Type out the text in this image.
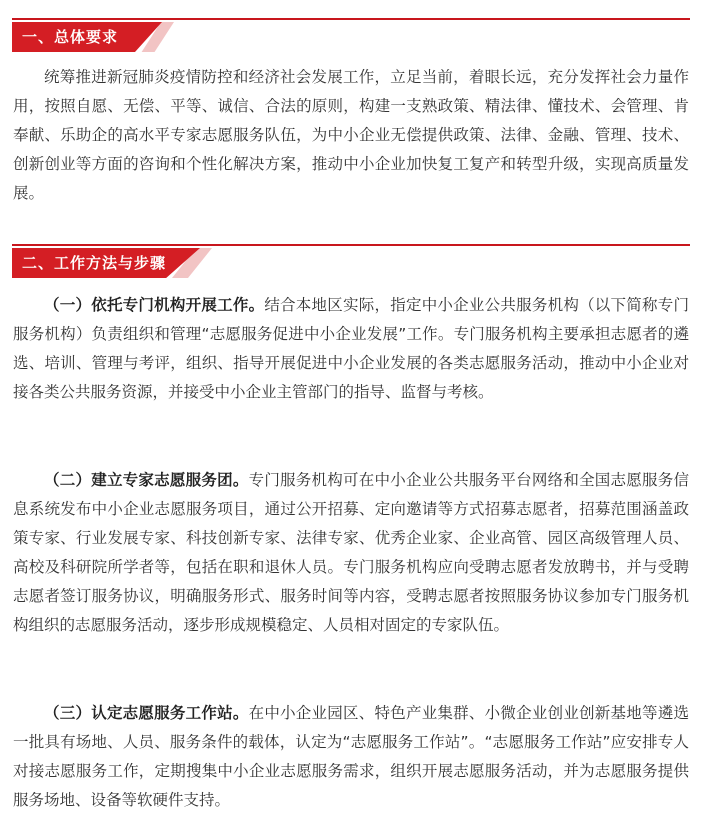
一、总体要求

统筹推进新冠肺炎疫情防控和经济社会发展工作，立足当前，着眼长远，充分发挥社会力量作用，按照自愿、无偿、平等、诚信、合法的原则，构建一支熟政策、精法律、懂技术、会管理、肯奉献、乐助企的高水平专家志愿服务队伍，为中小企业无偿提供政策、法律、金融、管理、技术、创新创业等方面的咨询和个性化解决方案，推动中小企业加快复工复产和转型升级，实现高质量发展。

二、工作方法与步骤

（一）依托专门机构开展工作。结合本地区实际，指定中小企业公共服务机构（以下简称专门服务机构）负责组织和管理“志愿服务促进中小企业发展”工作。专门服务机构主要承担志愿者的遴选、培训、管理与考评，组织、指导开展促进中小企业发展的各类志愿服务活动，推动中小企业对接各类公共服务资源，并接受中小企业主管部门的指导、监督与考核。

（二）建立专家志愿服务团。专门服务机构可在中小企业公共服务平台网络和全国志愿服务信息系统发布中小企业志愿服务项目，通过公开招募、定向邀请等方式招募志愿者，招募范围涵盖政策专家、行业发展专家、科技创新专家、法律专家、优秀企业家、企业高管、园区高级管理人员、高校及科研院所学者等，包括在职和退休人员。专门服务机构应向受聘志愿者发放聘书，并与受聘志愿者签订服务协议，明确服务形式、服务时间等内容，受聘志愿者按照服务协议参加专门服务机构组织的志愿服务活动，逐步形成规模稳定、人员相对固定的专家队伍。

（三）认定志愿服务工作站。在中小企业园区、特色产业集群、小微企业创业创新基地等遴选一批具有场地、人员、服务条件的载体，认定为“志愿服务工作站”。“志愿服务工作站”应安排专人对接志愿服务工作，定期搜集中小企业志愿服务需求，组织开展志愿服务活动，并为志愿服务提供服务场地、设备等软硬件支持。
